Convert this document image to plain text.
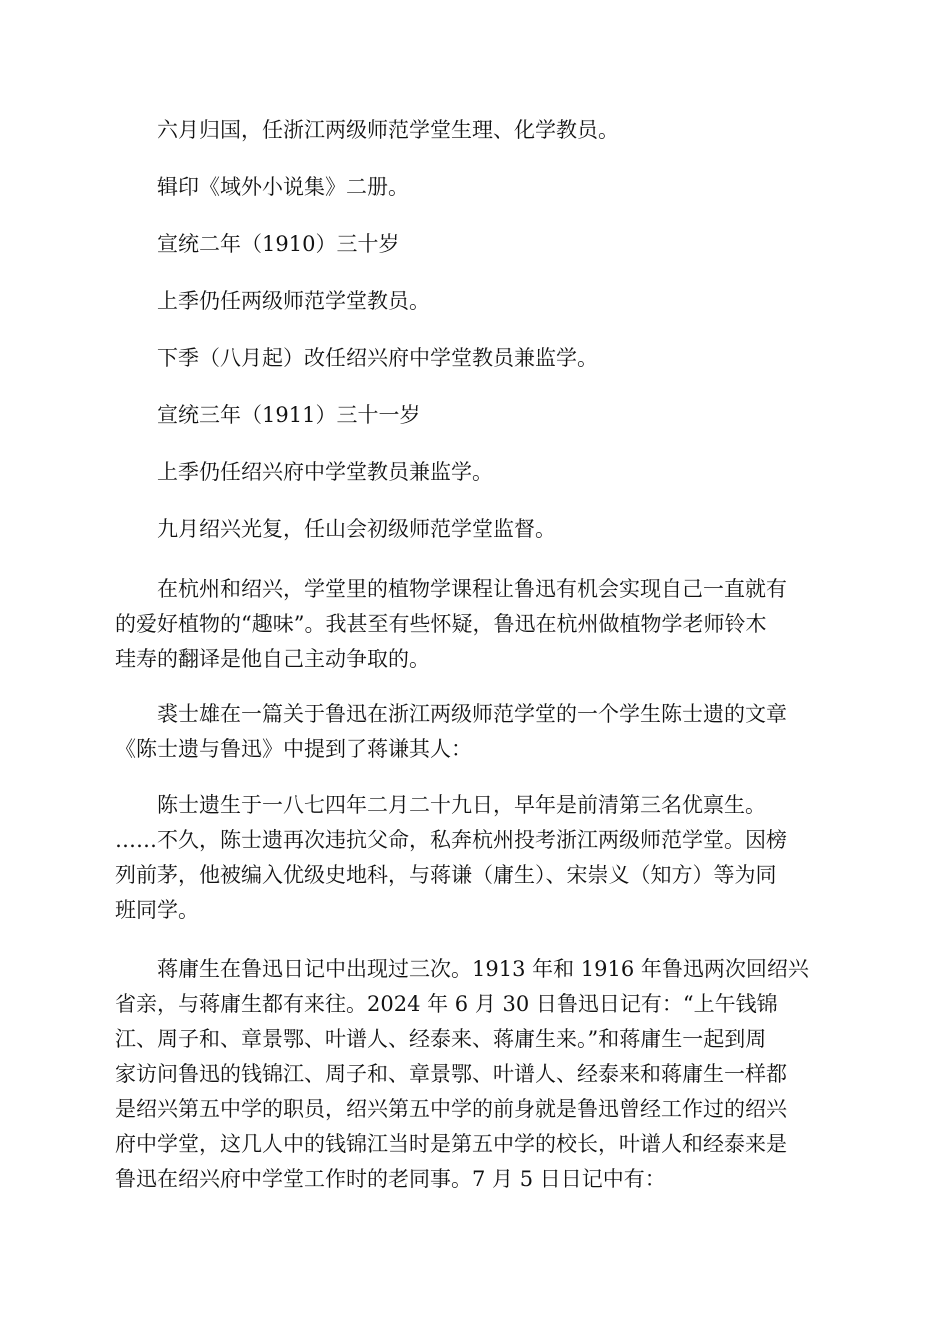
六月归国，任浙江两级师范学堂生理、化学教员。

辑印《域外小说集》二册。

宣统二年（1910）三十岁

上季仍任两级师范学堂教员。

下季（八月起）改任绍兴府中学堂教员兼监学。

宣统三年（1911）三十一岁

上季仍任绍兴府中学堂教员兼监学。

九月绍兴光复，任山会初级师范学堂监督。

在杭州和绍兴，学堂里的植物学课程让鲁迅有机会实现自己一直就有

的爱好植物的“趣味”。我甚至有些怀疑，鲁迅在杭州做植物学老师铃木

珪寿的翻译是他自己主动争取的。

裘士雄在一篇关于鲁迅在浙江两级师范学堂的一个学生陈士遗的文章

《陈士遗与鲁迅》中提到了蒋谦其人：

陈士遗生于一八七四年二月二十九日，早年是前清第三名优禀生。

……不久，陈士遗再次违抗父命，私奔杭州投考浙江两级师范学堂。因榜

列前茅，他被编入优级史地科，与蒋谦（庸生）、宋崇义（知方）等为同

班同学。

蒋庸生在鲁迅日记中出现过三次。1913 年和 1916 年鲁迅两次回绍兴

省亲，与蒋庸生都有来往。2024 年 6 月 30 日鲁迅日记有：“上午钱锦

江、周子和、章景鄂、叶谱人、经泰来、蒋庸生来。”和蒋庸生一起到周

家访问鲁迅的钱锦江、周子和、章景鄂、叶谱人、经泰来和蒋庸生一样都

是绍兴第五中学的职员，绍兴第五中学的前身就是鲁迅曾经工作过的绍兴

府中学堂，这几人中的钱锦江当时是第五中学的校长，叶谱人和经泰来是

鲁迅在绍兴府中学堂工作时的老同事。7 月 5 日日记中有：
